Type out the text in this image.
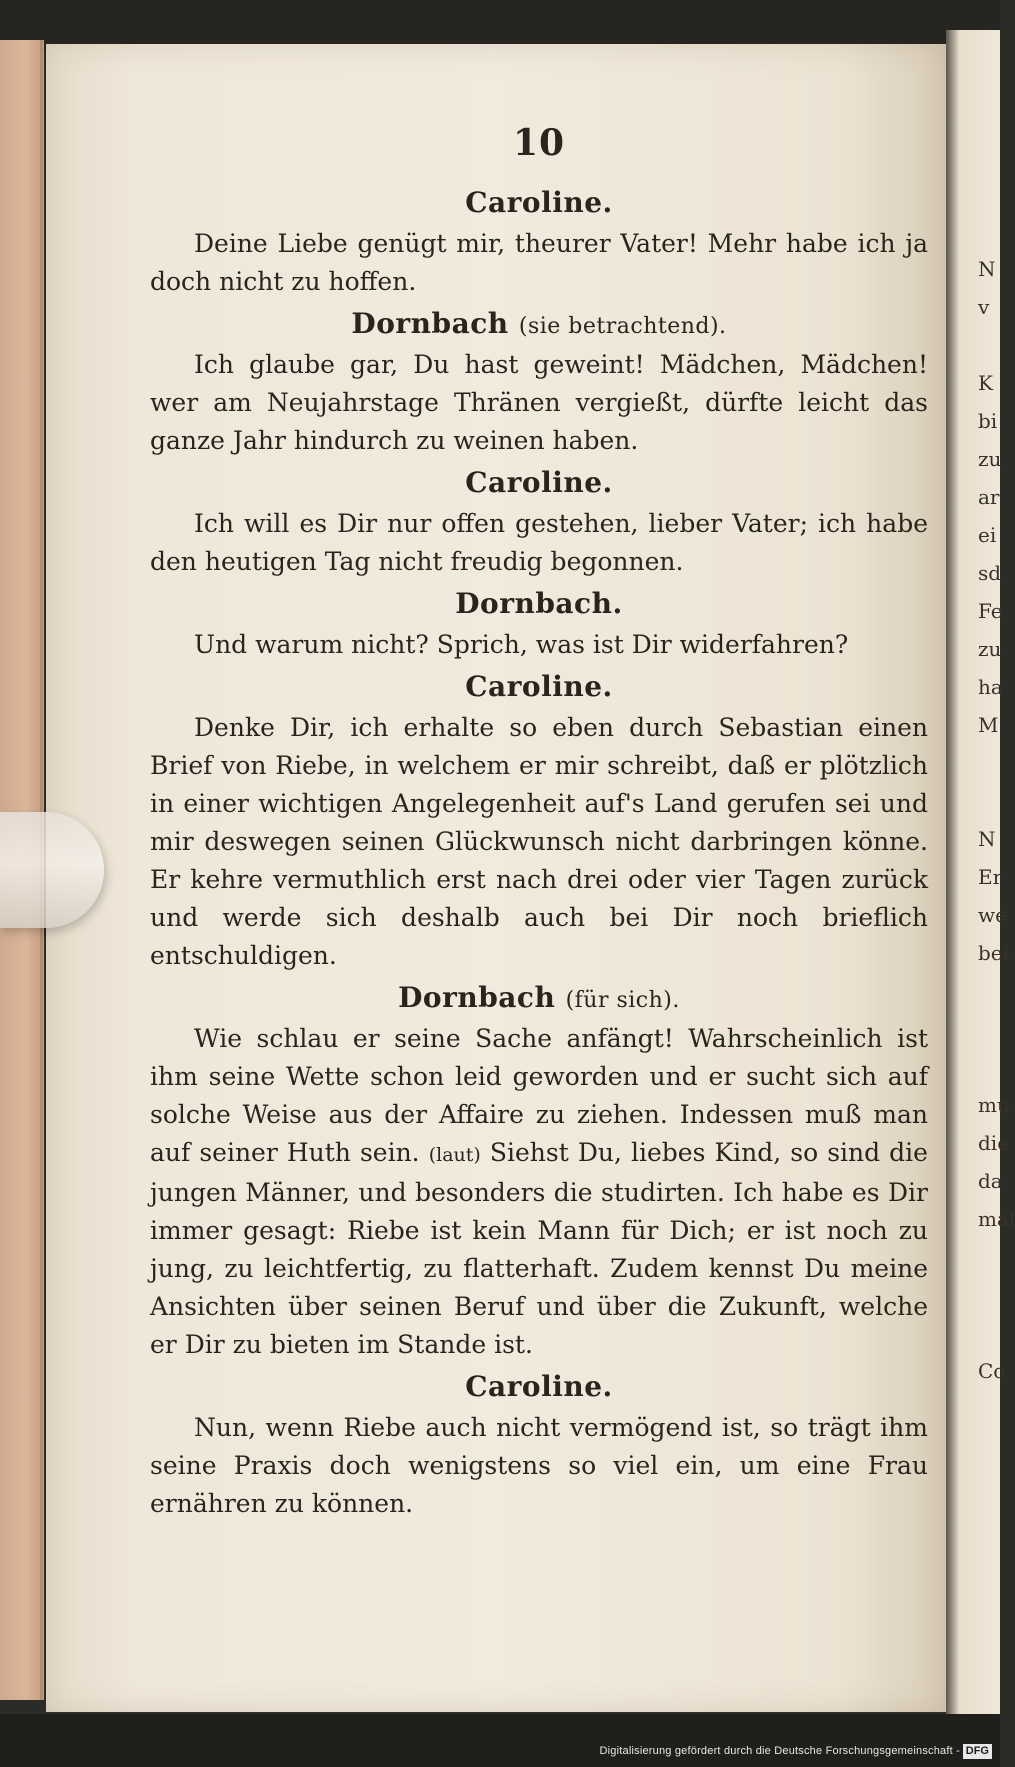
N
v
K
bi
zu
ar
ei
sd
Fe
zu
ha
M
N
Er
we
bei
mu
die
da
mal
Co
10
Caroline.

Deine Liebe genügt mir, theurer Vater! Mehr habe ich ja doch nicht zu hoffen.

Dornbach (sie betrachtend).

Ich glaube gar, Du hast geweint! Mädchen, Mädchen! wer am Neujahrstage Thränen vergießt, dürfte leicht das ganze Jahr hindurch zu weinen haben.

Caroline.

Ich will es Dir nur offen gestehen, lieber Vater; ich habe den heutigen Tag nicht freudig begonnen.

Dornbach.

Und warum nicht? Sprich, was ist Dir widerfahren?

Caroline.

Denke Dir, ich erhalte so eben durch Sebastian einen Brief von Riebe, in welchem er mir schreibt, daß er plötzlich in einer wichtigen Angelegenheit auf's Land gerufen sei und mir deswegen seinen Glückwunsch nicht darbringen könne. Er kehre vermuthlich erst nach drei oder vier Tagen zurück und werde sich deshalb auch bei Dir noch brieflich entschuldigen.

Dornbach (für sich).

Wie schlau er seine Sache anfängt! Wahrscheinlich ist ihm seine Wette schon leid geworden und er sucht sich auf solche Weise aus der Affaire zu ziehen. Indessen muß man auf seiner Huth sein. (laut) Siehst Du, liebes Kind, so sind die jungen Männer, und besonders die studirten. Ich habe es Dir immer gesagt: Riebe ist kein Mann für Dich; er ist noch zu jung, zu leichtfertig, zu flatterhaft. Zudem kennst Du meine Ansichten über seinen Beruf und über die Zukunft, welche er Dir zu bieten im Stande ist.

Caroline.

Nun, wenn Riebe auch nicht vermögend ist, so trägt ihm seine Praxis doch wenigstens so viel ein, um eine Frau ernähren zu können.

Digitalisierung gefördert durch die Deutsche Forschungsgemeinschaft - DFG
